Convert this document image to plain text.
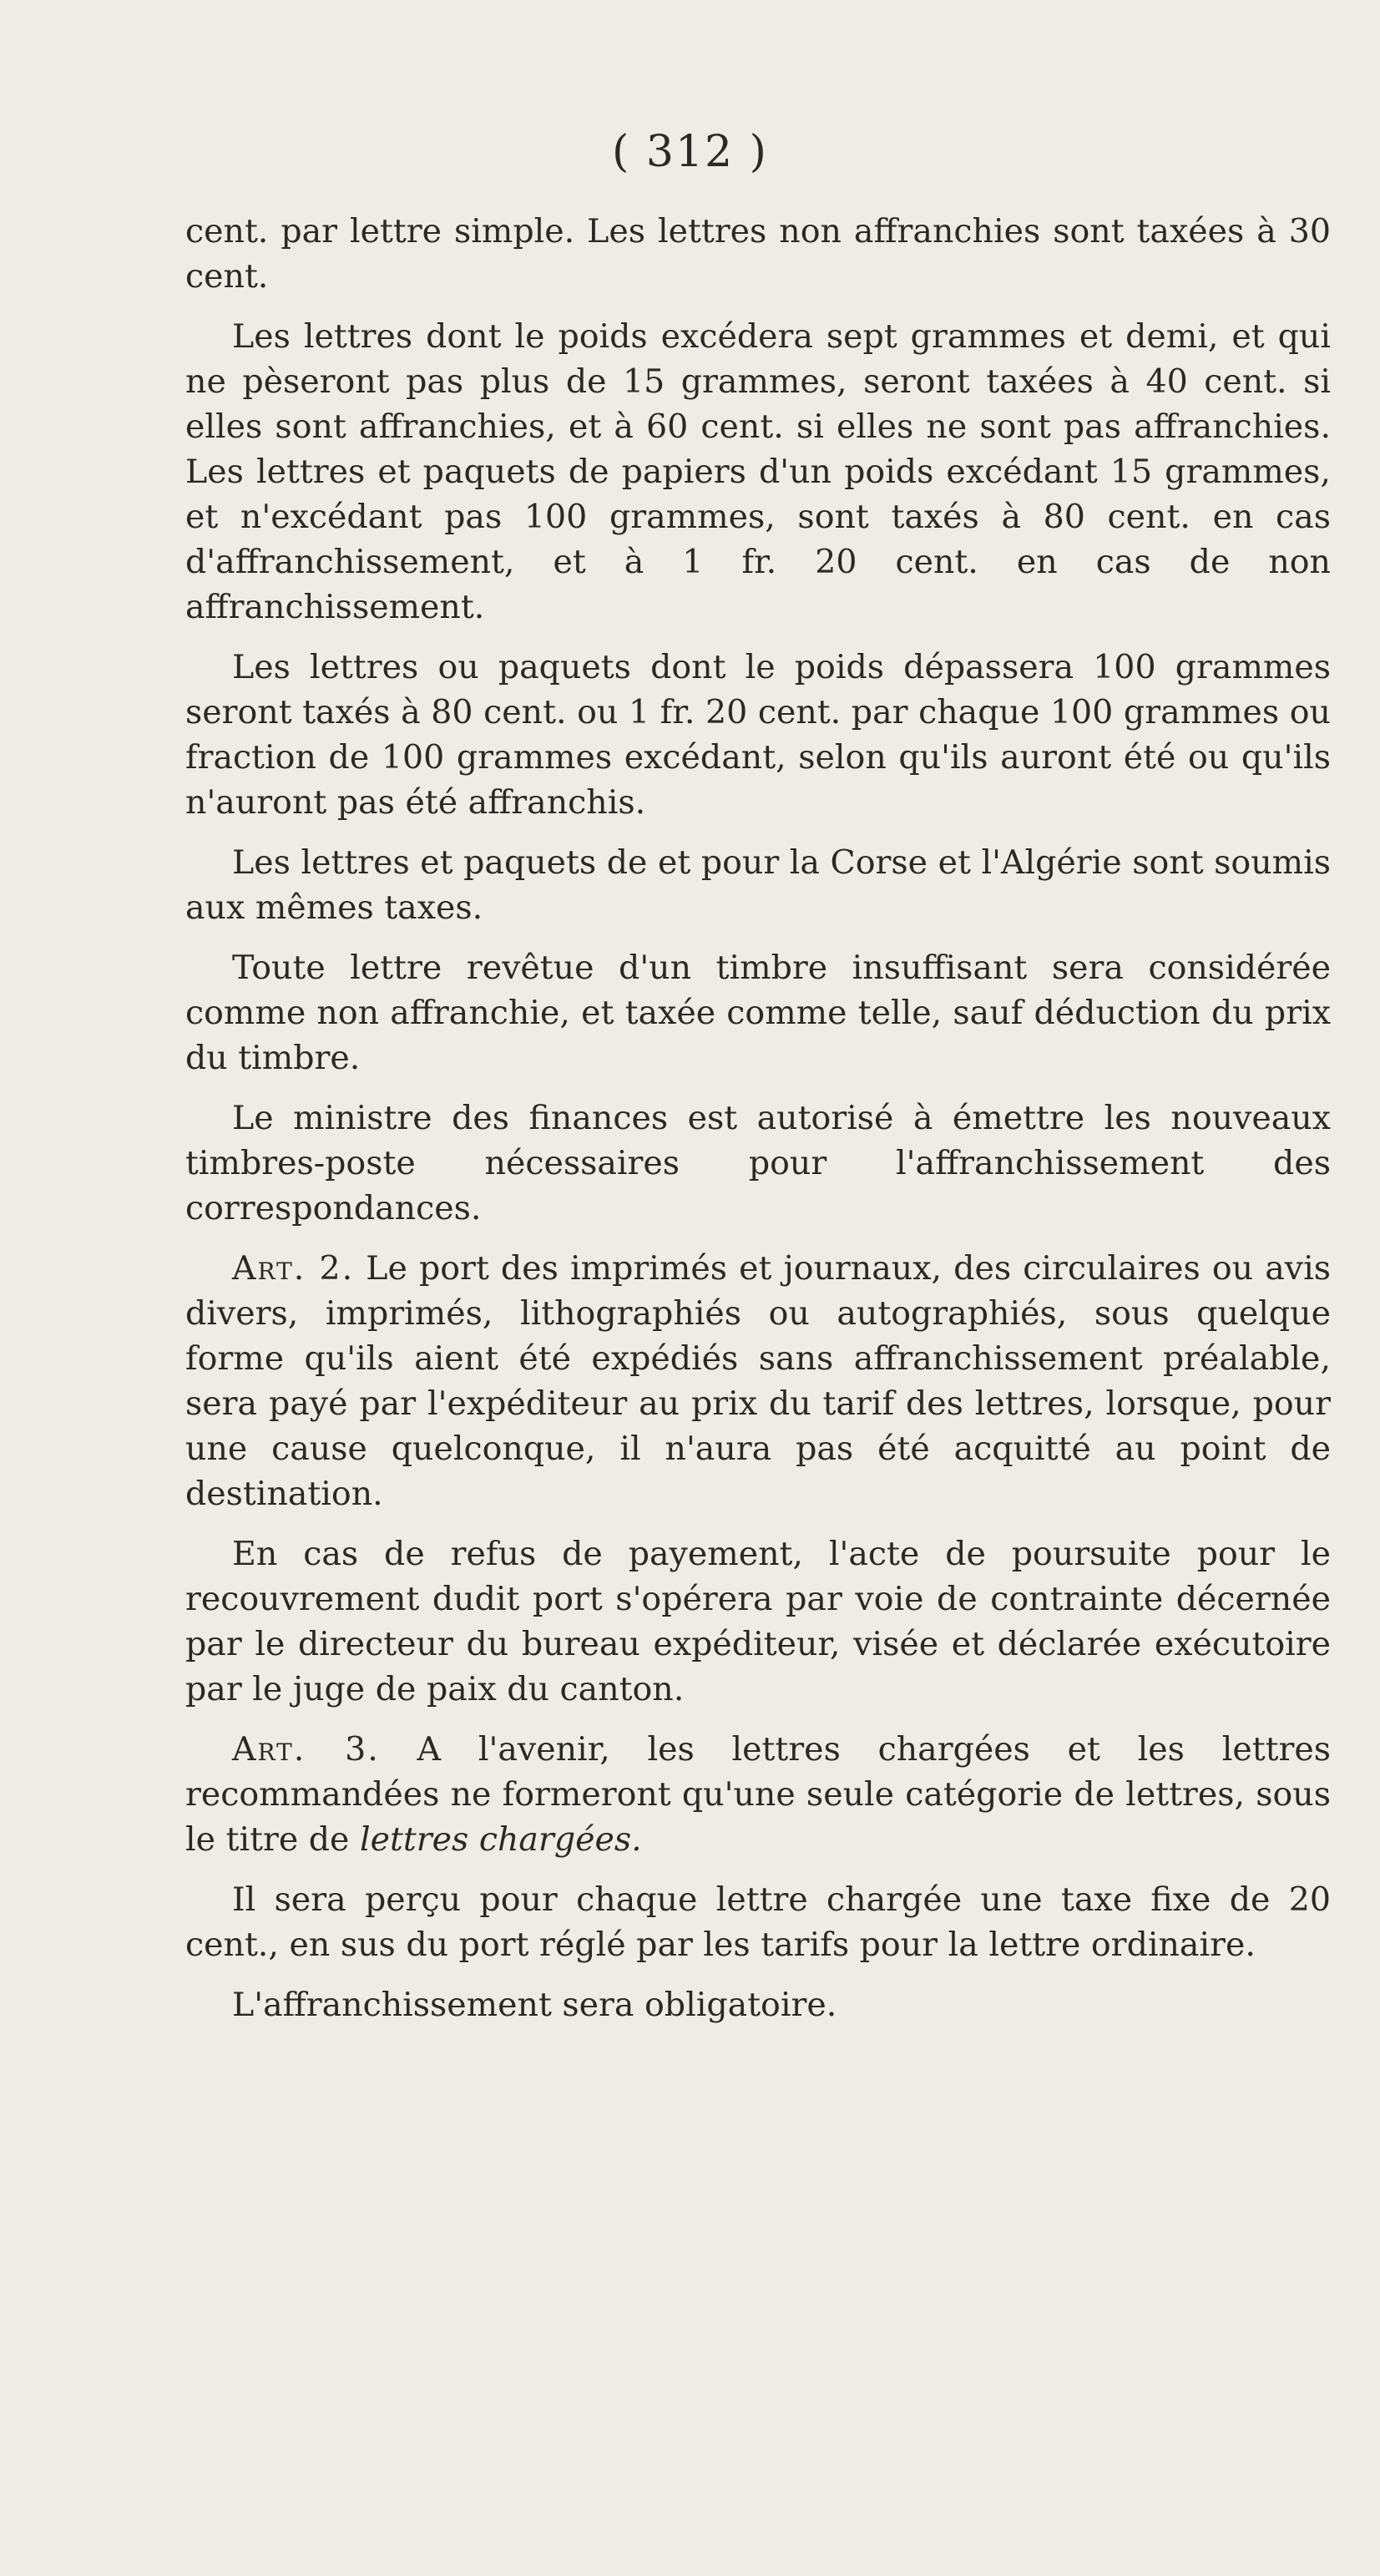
( 312 )

cent. par lettre simple. Les lettres non affranchies sont taxées à 30 cent.

Les lettres dont le poids excédera sept grammes et demi, et qui ne pèseront pas plus de 15 grammes, seront taxées à 40 cent. si elles sont affranchies, et à 60 cent. si elles ne sont pas affranchies. Les lettres et paquets de papiers d'un poids excédant 15 grammes, et n'excédant pas 100 grammes, sont taxés à 80 cent. en cas d'affranchissement, et à 1 fr. 20 cent. en cas de non affranchissement.

Les lettres ou paquets dont le poids dépassera 100 grammes seront taxés à 80 cent. ou 1 fr. 20 cent. par chaque 100 grammes ou fraction de 100 grammes excédant, selon qu'ils auront été ou qu'ils n'auront pas été affranchis.

Les lettres et paquets de et pour la Corse et l'Algérie sont soumis aux mêmes taxes.

Toute lettre revêtue d'un timbre insuffisant sera considérée comme non affranchie, et taxée comme telle, sauf déduction du prix du timbre.

Le ministre des finances est autorisé à émettre les nouveaux timbres-poste nécessaires pour l'affranchissement des correspondances.

Art. 2. Le port des imprimés et journaux, des circulaires ou avis divers, imprimés, lithographiés ou autographiés, sous quelque forme qu'ils aient été expédiés sans affranchissement préalable, sera payé par l'expéditeur au prix du tarif des lettres, lorsque, pour une cause quelconque, il n'aura pas été acquitté au point de destination.

En cas de refus de payement, l'acte de poursuite pour le recouvrement dudit port s'opérera par voie de contrainte décernée par le directeur du bureau expéditeur, visée et déclarée exécutoire par le juge de paix du canton.

Art. 3. A l'avenir, les lettres chargées et les lettres recommandées ne formeront qu'une seule catégorie de lettres, sous le titre de lettres chargées.

Il sera perçu pour chaque lettre chargée une taxe fixe de 20 cent., en sus du port réglé par les tarifs pour la lettre ordinaire.

L'affranchissement sera obligatoire.
